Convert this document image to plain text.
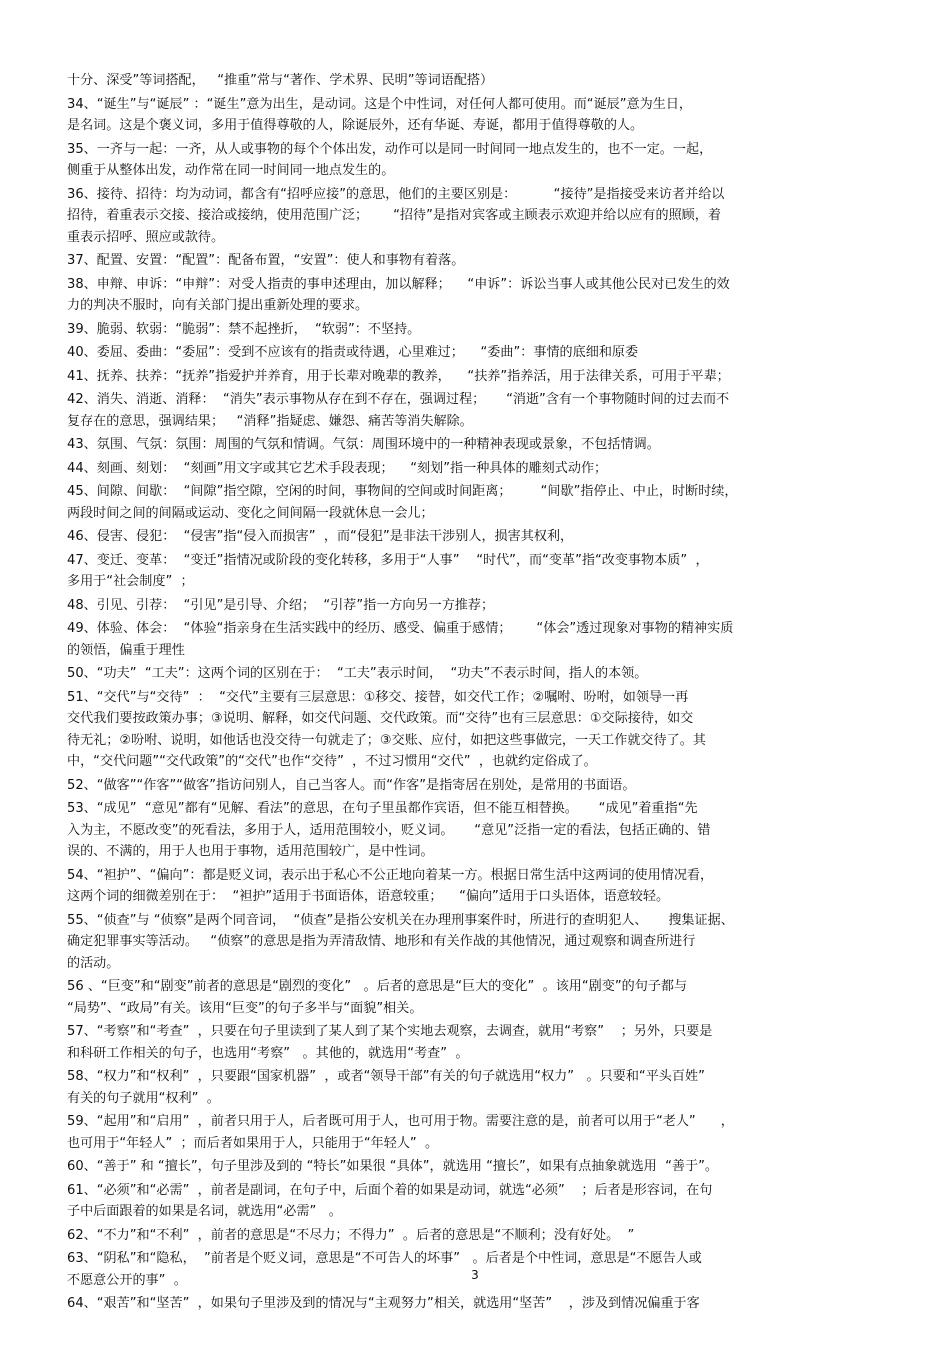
十分、深受”等词搭配，   “推重”常与“著作、学术界、民明”等词语配搭）
34、“诞生”与“诞辰” ：“诞生”意为出生，是动词。这是个中性词，对任何人都可使用。而“诞辰”意为生日，
是名词。这是个褒义词，多用于值得尊敬的人，除诞辰外，还有华诞、寿诞，都用于值得尊敬的人。
35、一齐与一起：一齐，从人或事物的每个个体出发，动作可以是同一时间同一地点发生的，也不一定。一起，
侧重于从整体出发，动作常在同一时间同一地点发生的。
36、接待、招待：均为动词，都含有“招呼应接”的意思，他们的主要区别是：         “接待”是指接受来访者并给以
招待，着重表示交接、接洽或接纳，使用范围广泛；      “招待”是指对宾客或主顾表示欢迎并给以应有的照顾，着
重表示招呼、照应或款待。
37、配置、安置：“配置”：配备布置，“安置”：使人和事物有着落。
38、申辩、申诉：“申辩”：对受人指责的事申述理由，加以解释；    “申诉”：诉讼当事人或其他公民对已发生的效
力的判决不服时，向有关部门提出重新处理的要求。
39、脆弱、软弱：“脆弱”：禁不起挫折，  “软弱”：不坚持。
40、委屈、委曲：“委屈”：受到不应该有的指责或待遇，心里难过；    “委曲”：事情的底细和原委
41、抚养、扶养：“抚养”指爱护并养育，用于长辈对晚辈的教养，    “扶养”指养活，用于法律关系，可用于平辈；
42、消失、消逝、消释：  “消失”表示事物从存在到不存在，强调过程；     “消逝”含有一个事物随时间的过去而不
复存在的意思，强调结果；   “消释”指疑虑、嫌怨、痛苦等消失解除。
43、氛围、气氛：氛围：周围的气氛和情调。气氛：周围环境中的一种精神表现或景象，不包括情调。
44、刻画、刻划：  “刻画”用文字或其它艺术手段表现；    “刻划”指一种具体的雕刻式动作；
45、间隙、间歇：  “间隙”指空隙，空闲的时间，事物间的空间或时间距离；       “间歇”指停止、中止，时断时续，
两段时间之间的间隔或运动、变化之间间隔一段就休息一会儿；
46、侵害、侵犯：  “侵害”指“侵入而损害”  ，而“侵犯”是非法干涉别人，损害其权利，
47、变迁、变革：  “变迁”指情况或阶段的变化转移，多用于“人事”    “时代”，而“变革”指“改变事物本质”  ，
多用于“社会制度”  ；
48、引见、引荐：  “引见”是引导、介绍；  “引荐”指一方向另一方推荐；
49、体验、体会：  “体验“指亲身在生活实践中的经历、感受、偏重于感情；      “体会”透过现象对事物的精神实质
的领悟，偏重于理性
50、“功夫”  “工夫”：这两个词的区别在于：  “工夫”表示时间，  “功夫”不表示时间，指人的本领。
51、“交代”与“交待”  ：  “交代”主要有三层意思：①移交、接替，如交代工作；②嘱咐、吩咐，如领导一再
交代我们要按政策办事；③说明、解释，如交代问题、交代政策。而“交待”也有三层意思：①交际接待，如交
待无礼；②吩咐、说明，如他话也没交待一句就走了；③交账、应付，如把这些事做完，一天工作就交待了。其
中，“交代问题”“交代政策”的“交代”也作“交待”  ，不过习惯用“交代”  ，也就约定俗成了。
52、“做客”“作客”“做客”指访问别人，自己当客人。而“作客”是指寄居在别处，是常用的书面语。
53、“成见”  “意见”都有“见解、看法”的意思，在句子里虽都作宾语，但不能互相替换。     “成见”着重指“先
入为主，不愿改变”的死看法，多用于人，适用范围较小，贬义词。     “意见”泛指一定的看法，包括正确的、错
误的、不满的，用于人也用于事物，适用范围较广，是中性词。
54、“袒护”、“偏向”：都是贬义词，表示出于私心不公正地向着某一方。根据日常生活中这两词的使用情况看，
这两个词的细微差别在于：  “袒护”适用于书面语体，语意较重；    “偏向”适用于口头语体，语意较轻。
55、“侦查”与 “侦察”是两个同音词，  “侦查”是指公安机关在办理刑事案件时，所进行的查明犯人、     搜集证据、
确定犯罪事实等活动。   “侦察”的意思是指为弄清敌情、地形和有关作战的其他情况，通过观察和调查所进行
的活动。
56 、“巨变”和“剧变”前者的意思是“剧烈的变化”   。后者的意思是“巨大的变化”  。该用“剧变”的句子都与
“局势”、“政局”有关。该用“巨变”的句子多半与“面貌”相关。
57、“考察”和“考查”  ，只要在句子里读到了某人到了某个实地去观察，去调查，就用“考察”    ；另外，只要是
和科研工作相关的句子，也选用“考察”   。其他的，就选用“考查”  。
58、“权力”和“权利”  ，只要跟“国家机器”  ，或者“领导干部”有关的句子就选用“权力”   。只要和“平头百姓”
有关的句子就用“权利”  。
59、“起用”和“启用”  ，前者只用于人，后者既可用于人，也可用于物。需要注意的是，前者可以用于“老人”      ，
也可用于“年轻人”  ；而后者如果用于人，只能用于“年轻人”  。
60、“善于” 和 “擅长”，句子里涉及到的 “特长”如果很 “具体”，就选用 “擅长”，如果有点抽象就选用  “善于”。
61、“必须”和“必需”  ，前者是副词，在句子中，后面个着的如果是动词，就选“必须”    ；后者是形容词，在句
子中后面跟着的如果是名词，就选用“必需”   。
62、“不力”和“不利”  ，前者的意思是“不尽力；不得力”  。后者的意思是“不顺利；没有好处。  ”
63、“阴私”和“隐私，  ”前者是个贬义词，意思是“不可告人的坏事”   。后者是个中性词，意思是“不愿告人或
不愿意公开的事”  。
64、“艰苦”和“坚苦”  ，如果句子里涉及到的情况与“主观努力”相关，就选用“坚苦”    ，涉及到情况偏重于客
3
